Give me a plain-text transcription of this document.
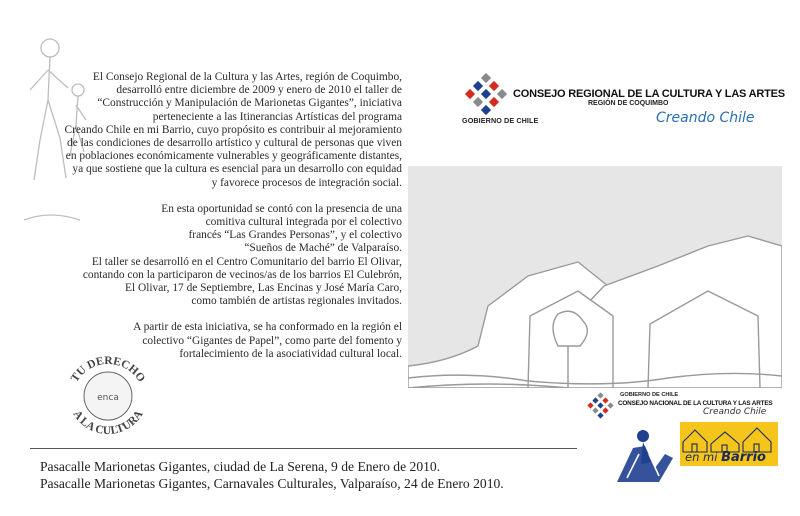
El Consejo Regional de la Cultura y las Artes, región de Coquimbo,
desarrolló entre diciembre de 2009 y enero de 2010 el taller de
“Construcción y Manipulación de Marionetas Gigantes”, iniciativa
perteneciente a las Itinerancias Artísticas del programa
Creando Chile en mi Barrio, cuyo propósito es contribuir al mejoramiento
de las condiciones de desarrollo artístico y cultural de personas que viven
en poblaciones económicamente vulnerables y geográficamente distantes,
ya que sostiene que la cultura es esencial para un desarrollo con equidad
y favorece procesos de integración social.

En esta oportunidad se contó con la presencia de una
comitiva cultural integrada por el colectivo
francés “Las Grandes Personas”, y el colectivo
“Sueños de Maché” de Valparaíso.
El taller se desarrolló en el Centro Comunitario del barrio El Olivar,
contando con la participaron de vecinos/as de los barrios El Culebrón,
El Olivar, 17 de Septiembre, Las Encinas y José María Caro,
como también de artistas regionales invitados.

A partir de esta iniciativa, se ha conformado en la región el
colectivo “Gigantes de Papel”, como parte del fomento y
fortalecimiento de la asociatividad cultural local.

TU DERECHO
A LA CULTURA
enca
Pasacalle Marionetas Gigantes, ciudad de La Serena, 9 de Enero de 2010.
Pasacalle Marionetas Gigantes, Carnavales Culturales, Valparaíso, 24 de Enero 2010.
GOBIERNO DE CHILE
CONSEJO REGIONAL DE LA CULTURA Y LAS ARTES
REGIÓN DE COQUIMBO
Creando Chile
GOBIERNO DE CHILE
CONSEJO NACIONAL DE LA CULTURA Y LAS ARTES
Creando Chile
en mi Barrio
